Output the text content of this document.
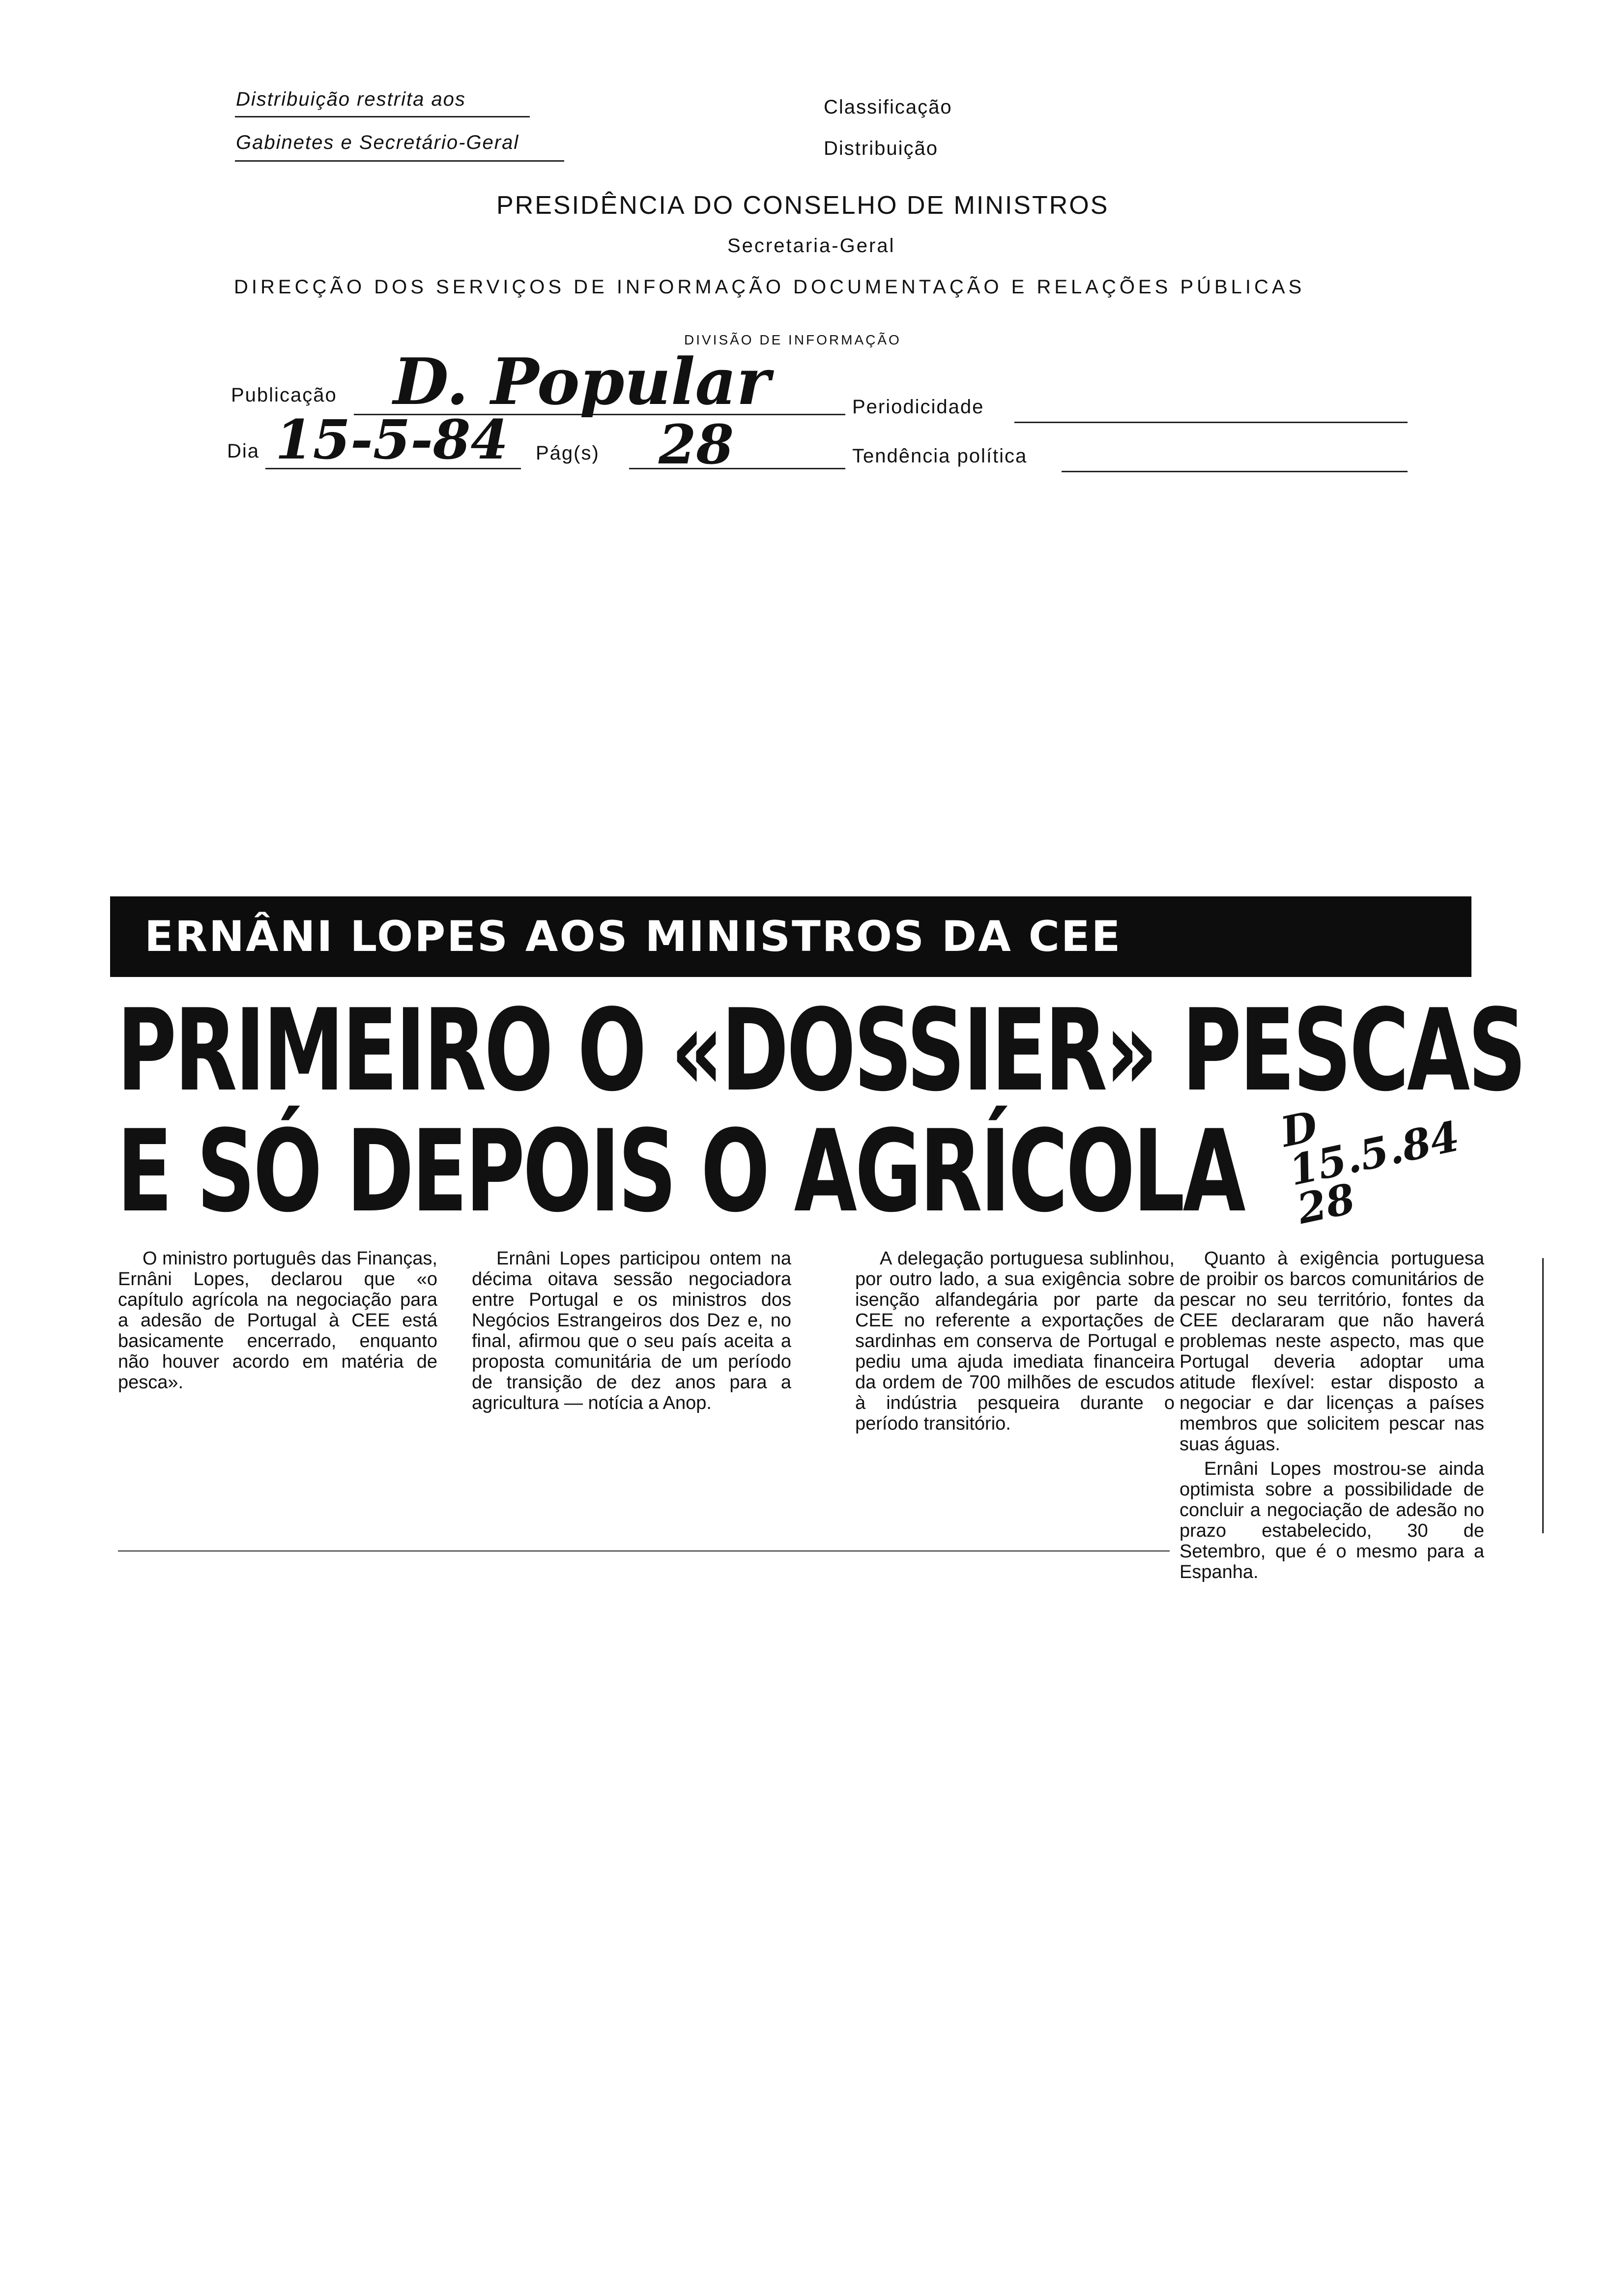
Distribuição restrita aos
Gabinetes e Secretário-Geral
Classificação
Distribuição
PRESIDÊNCIA DO CONSELHO DE MINISTROS
Secretaria-Geral
DIRECÇÃO DOS SERVIÇOS DE INFORMAÇÃO DOCUMENTAÇÃO E RELAÇÕES PÚBLICAS
DIVISÃO DE INFORMAÇÃO
Publicação D. Popular	Periodicidade
Dia 15-5-84 Pág(s) 28	Tendência política
ERNÂNI LOPES AOS MINISTROS DA CEE
PRIMEIRO O «DOSSIER» PESCAS
E SÓ DEPOIS O AGRÍCOLA D 15.5.84 28

O ministro português das Finanças, Ernâni Lopes, declarou que «o capítulo agrícola na negociação para a adesão de Portugal à CEE está basicamente encerrado, enquanto não houver acordo em matéria de pesca».

Ernâni Lopes participou ontem na décima oitava sessão negociadora entre Portugal e os ministros dos Negócios Estrangeiros dos Dez e, no final, afirmou que o seu país aceita a proposta comunitária de um período de transição de dez anos para a agricultura — notícia a Anop.

A delegação portuguesa sublinhou, por outro lado, a sua exigência sobre isenção alfandegária por parte da CEE no referente a exportações de sardinhas em conserva de Portugal e pediu uma ajuda imediata financeira da ordem de 700 milhões de escudos à indústria pesqueira durante o período transitório.

Quanto à exigência portuguesa de proibir os barcos comunitários de pescar no seu território, fontes da CEE declararam que não haverá problemas neste aspecto, mas que Portugal deveria adoptar uma atitude flexível: estar disposto a negociar e dar licenças a países membros que solicitem pescar nas suas águas.

Ernâni Lopes mostrou-se ainda optimista sobre a possibilidade de concluir a negociação de adesão no prazo estabelecido, 30 de Setembro, que é o mesmo para a Espanha.
